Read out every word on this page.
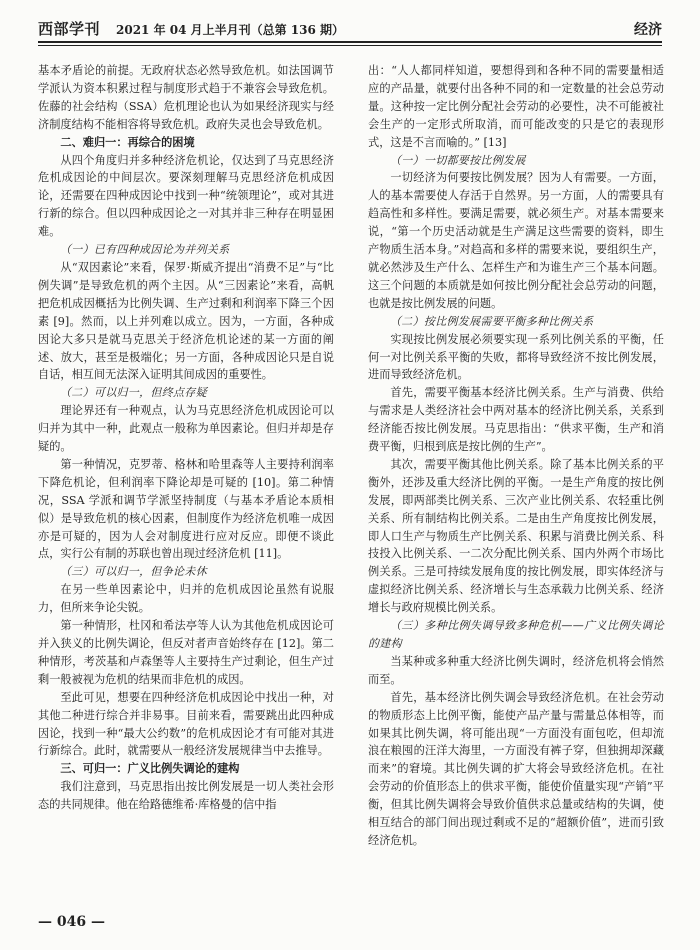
西部学刊 2021 年 04 月上半月刊（总第 136 期）	经济

基本矛盾论的前提。无政府状态必然导致危机。如法国调节学派认为资本积累过程与制度形式趋于不兼容会导致危机。佐藤的社会结构（SSA）危机理论也认为如果经济现实与经济制度结构不能相容将导致危机。政府失灵也会导致危机。

二、难归一：再综合的困境

从四个角度归并多种经济危机论，仅达到了马克思经济危机成因论的中间层次。要深刻理解马克思经济危机成因论，还需要在四种成因论中找到一种“统领理论”，或对其进行新的综合。但以四种成因论之一对其并非三种存在明显困难。

（一）已有四种成因论为并列关系

从“双因素论”来看，保罗·斯威齐提出“消费不足”与“比例失调”是导致危机的两个主因。从“三因素论”来看，高帆把危机成因概括为比例失调、生产过剩和利润率下降三个因素 [9]。然而，以上并列难以成立。因为，一方面，各种成因论大多只是就马克思关于经济危机论述的某一方面的阐述、放大，甚至是极端化；另一方面，各种成因论只是自说自话，相互间无法深入证明其间成因的重要性。

（二）可以归一，但终点存疑

理论界还有一种观点，认为马克思经济危机成因论可以归并为其中一种，此观点一般称为单因素论。但归并却是存疑的。

第一种情况，克罗蒂、格林和哈里森等人主要持利润率下降危机论，但利润率下降论却是可疑的 [10]。第二种情况，SSA 学派和调节学派坚持制度（与基本矛盾论本质相似）是导致危机的核心因素，但制度作为经济危机唯一成因亦是可疑的，因为人会对制度进行应对反应。即便不谈此点，实行公有制的苏联也曾出现过经济危机 [11]。

（三）可以归一，但争论未休

在另一些单因素论中，归并的危机成因论虽然有说服力，但所来争论尖锐。

第一种情形，杜冈和希法亭等人认为其他危机成因论可并入狭义的比例失调论，但反对者声音始终存在 [12]。第二种情形，考茨基和卢森堡等人主要持生产过剩论，但生产过剩一般被视为危机的结果而非危机的成因。

至此可见，想要在四种经济危机成因论中找出一种，对其他二种进行综合并非易事。目前来看，需要跳出此四种成因论，找到一种“最大公约数”的危机成因论才有可能对其进行新综合。此时，就需要从一般经济发展规律当中去推导。

三、可归一：广义比例失调论的建构

我们注意到，马克思指出按比例发展是一切人类社会形态的共同规律。他在给路德维希·库格曼的信中指

出：“人人都同样知道，要想得到和各种不同的需要量相适应的产品量，就要付出各种不同的和一定数量的社会总劳动量。这种按一定比例分配社会劳动的必要性，决不可能被社会生产的一定形式所取消，而可能改变的只是它的表现形式，这是不言而喻的。” [13]

（一）一切都要按比例发展

一切经济为何要按比例发展？因为人有需要。一方面，人的基本需要使人存活于自然界。另一方面，人的需要具有趋高性和多样性。要满足需要，就必须生产。对基本需要来说，“第一个历史活动就是生产满足这些需要的资料，即生产物质生活本身。”对趋高和多样的需要来说，要组织生产，就必然涉及生产什么、怎样生产和为谁生产三个基本问题。这三个问题的本质就是如何按比例分配社会总劳动的问题，也就是按比例发展的问题。

（二）按比例发展需要平衡多种比例关系

实现按比例发展必须要实现一系列比例关系的平衡，任何一对比例关系平衡的失败，都将导致经济不按比例发展，进而导致经济危机。

首先，需要平衡基本经济比例关系。生产与消费、供给与需求是人类经济社会中两对基本的经济比例关系，关系到经济能否按比例发展。马克思指出：“供求平衡，生产和消费平衡，归根到底是按比例的生产”。

其次，需要平衡其他比例关系。除了基本比例关系的平衡外，还涉及重大经济比例的平衡。一是生产角度的按比例发展，即两部类比例关系、三次产业比例关系、农轻重比例关系、所有制结构比例关系。二是由生产角度按比例发展，即人口生产与物质生产比例关系、积累与消费比例关系、科技投入比例关系、一二次分配比例关系、国内外两个市场比例关系。三是可持续发展角度的按比例发展，即实体经济与虚拟经济比例关系、经济增长与生态承载力比例关系、经济增长与政府规模比例关系。

（三）多种比例失调导致多种危机——广义比例失调论的建构

当某种或多种重大经济比例失调时，经济危机将会悄然而至。

首先，基本经济比例失调会导致经济危机。在社会劳动的物质形态上比例平衡，能使产品产量与需量总体相等，而如果其比例失调，将可能出现“一方面没有面包吃，但却流浪在粮囤的汪洋大海里，一方面没有裤子穿，但独拥却深藏而来”的窘境。其比例失调的扩大将会导致经济危机。在社会劳动的价值形态上的供求平衡，能使价值量实现“产销”平衡，但其比例失调将会导致价值供求总量或结构的失调，使相互结合的部门间出现过剩或不足的“超额价值”，进而引致经济危机。

— 046 —
